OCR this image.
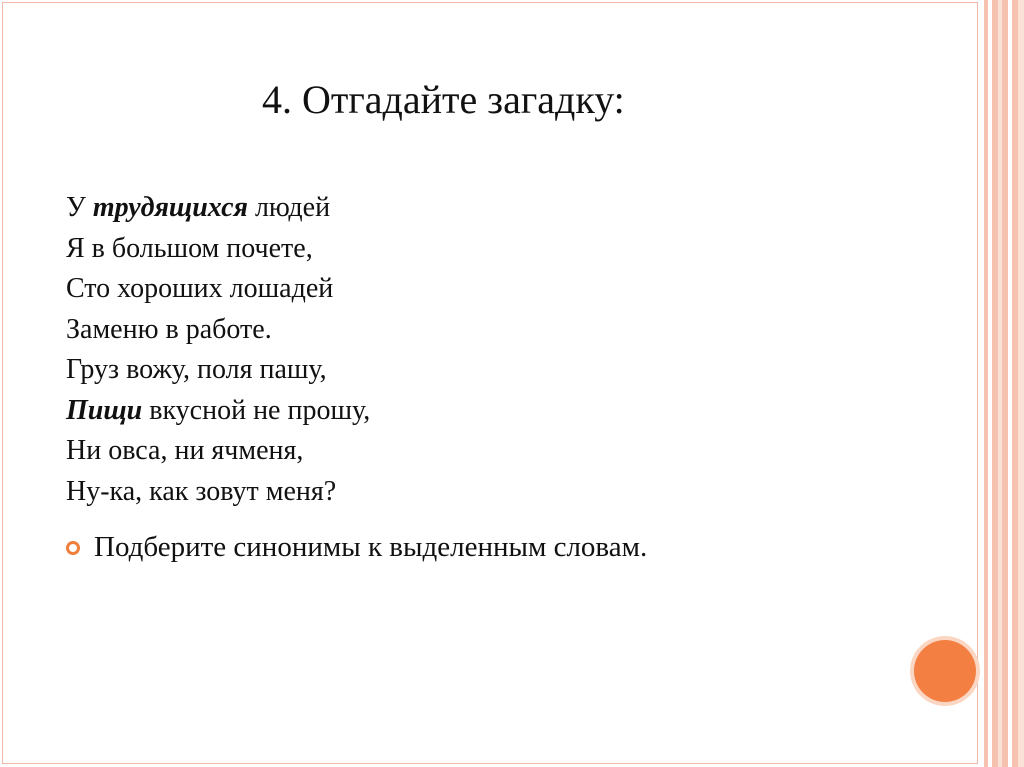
4. Отгадайте загадку:
У трудящихся людей
Я в большом почете,
Сто хороших лошадей
Заменю в работе.
Груз вожу, поля пашу,
Пищи вкусной не прошу,
Ни овса, ни ячменя,
Ну-ка, как зовут меня?
Подберите синонимы к выделенным словам.
